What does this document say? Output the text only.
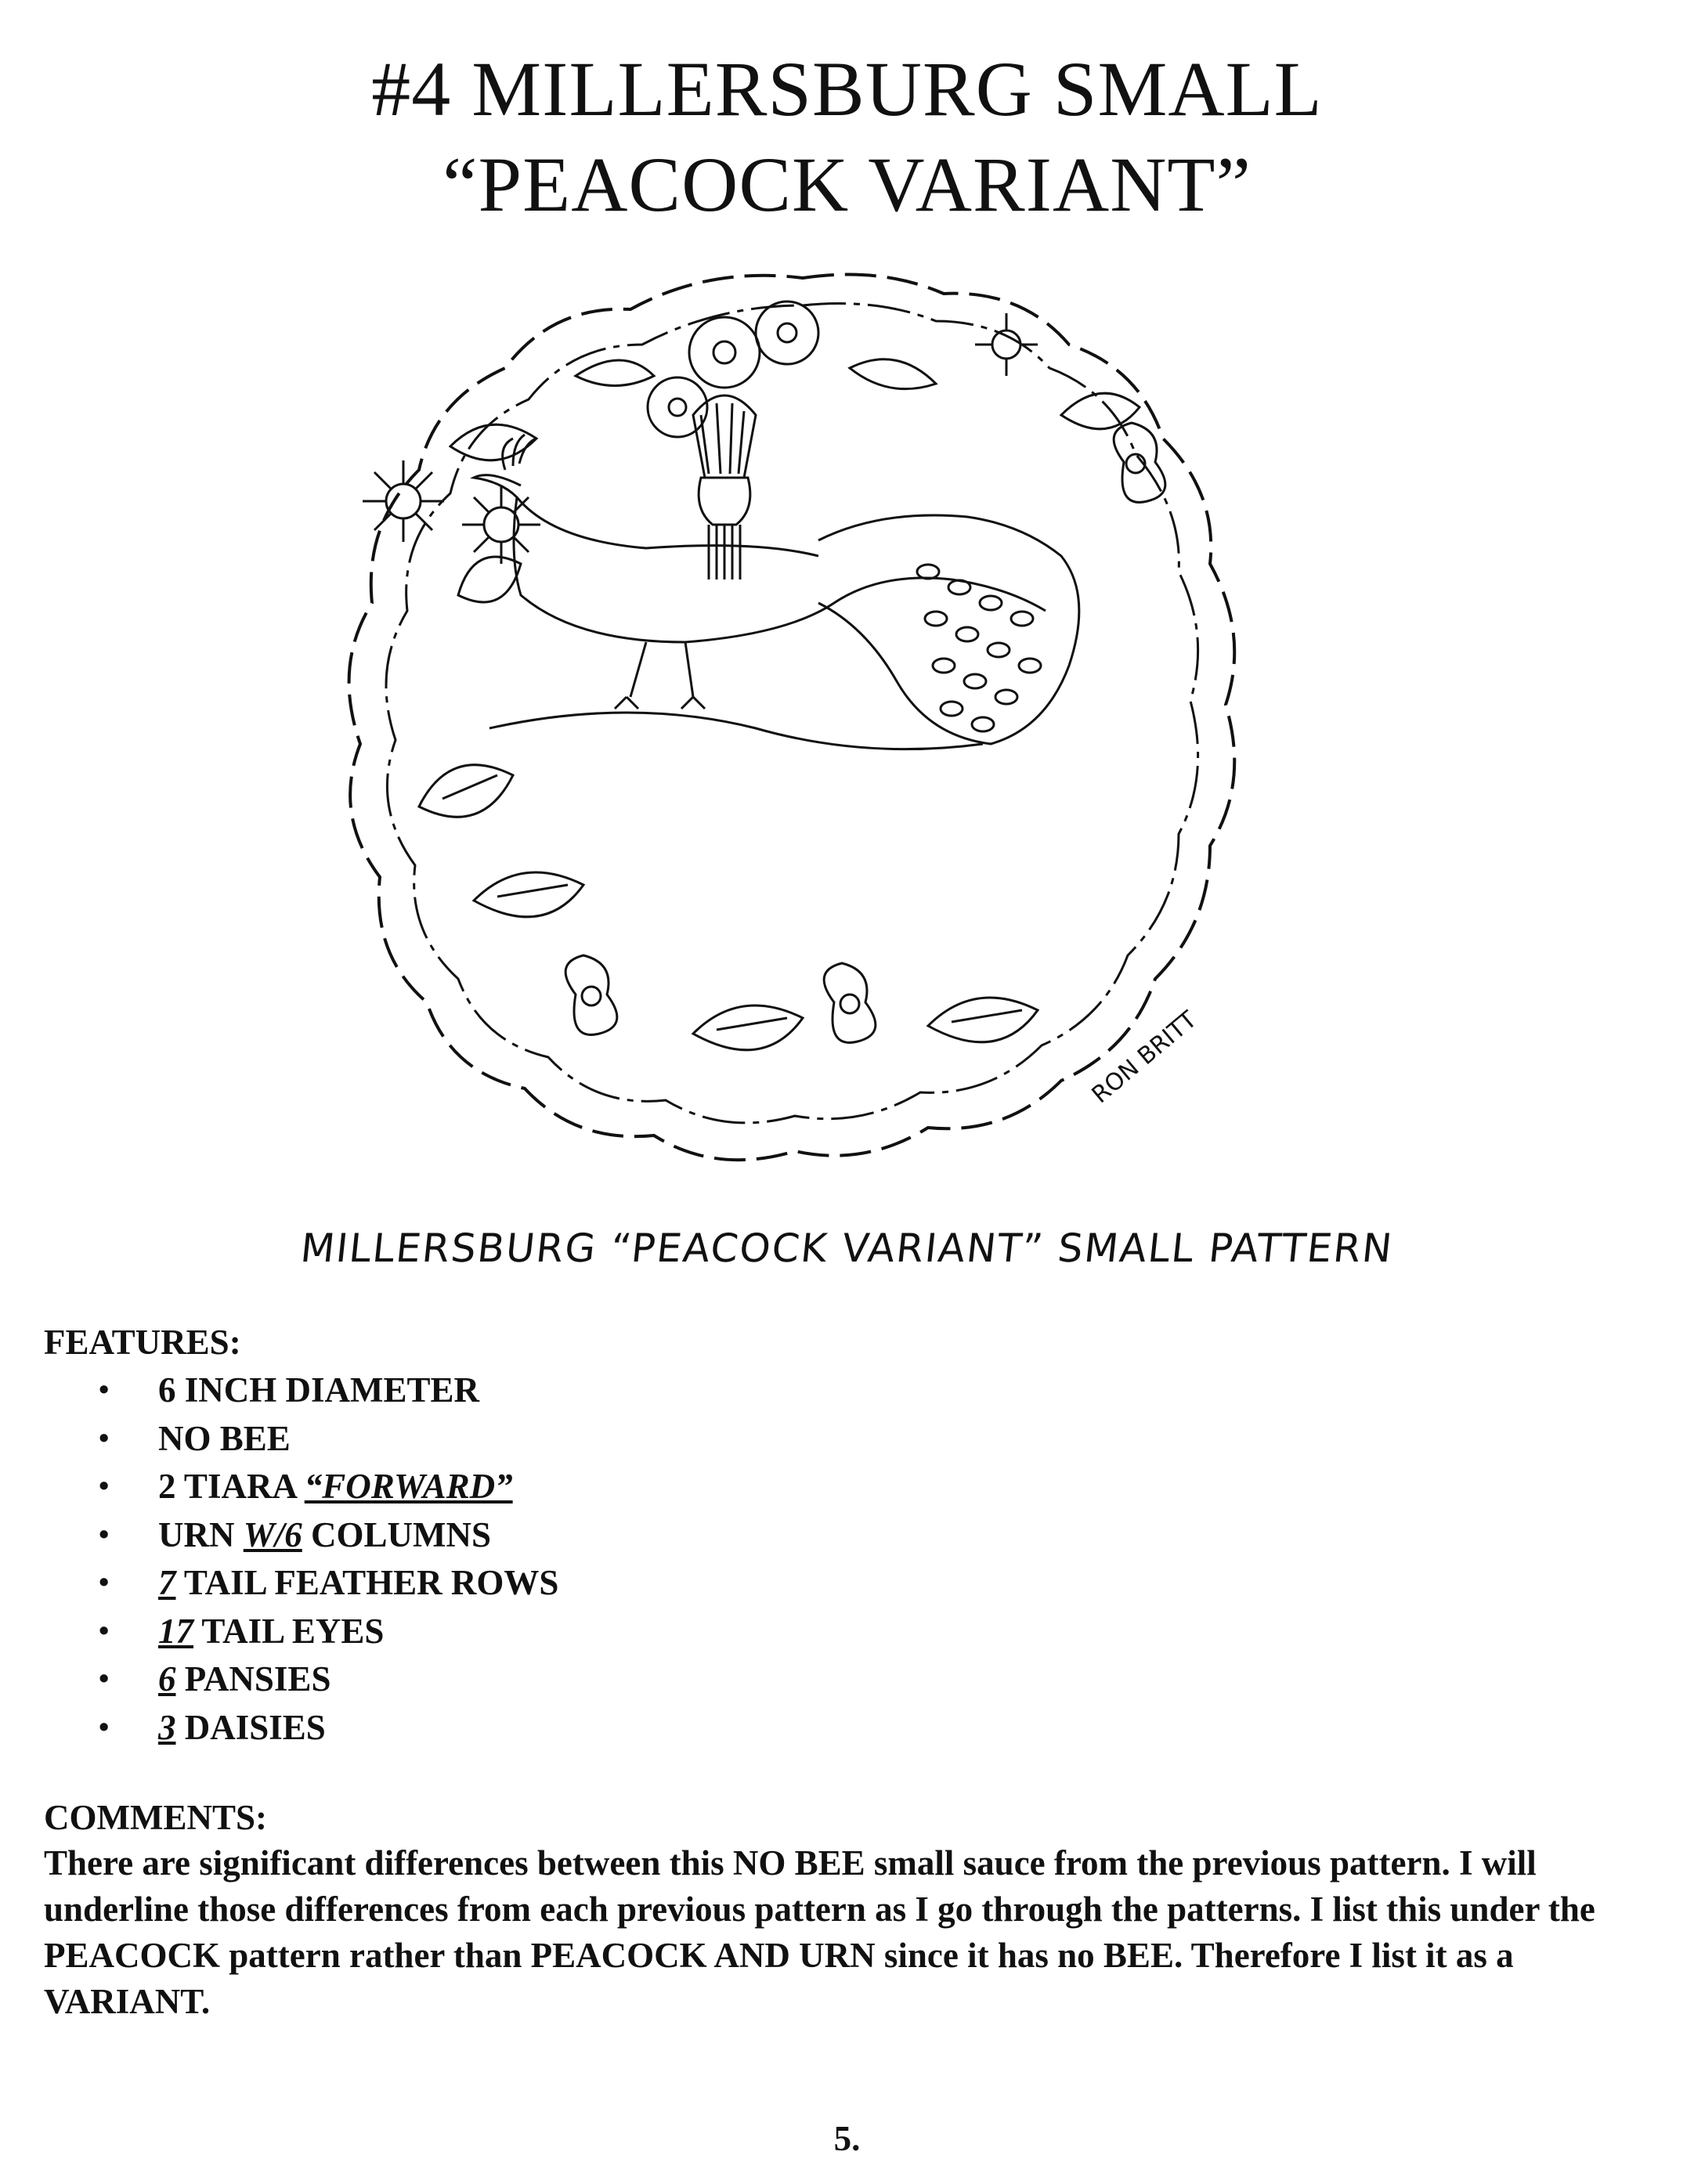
#4 MILLERSBURG SMALL
“PEACOCK VARIANT”
RON BRITT
MILLERSBURG “PEACOCK VARIANT” SMALL PATTERN
FEATURES:
• 6 INCH DIAMETER
• NO BEE
• 2 TIARA “FORWARD”
• URN W/6 COLUMNS
• 7 TAIL FEATHER ROWS
• 17 TAIL EYES
• 6 PANSIES
• 3 DAISIES
COMMENTS:

There are significant differences between this NO BEE small sauce from the previous pattern. I will underline those differences from each previous pattern as I go through the patterns. I list this under the PEACOCK pattern rather than PEACOCK AND URN since it has no BEE. Therefore I list it as a VARIANT.

5.
